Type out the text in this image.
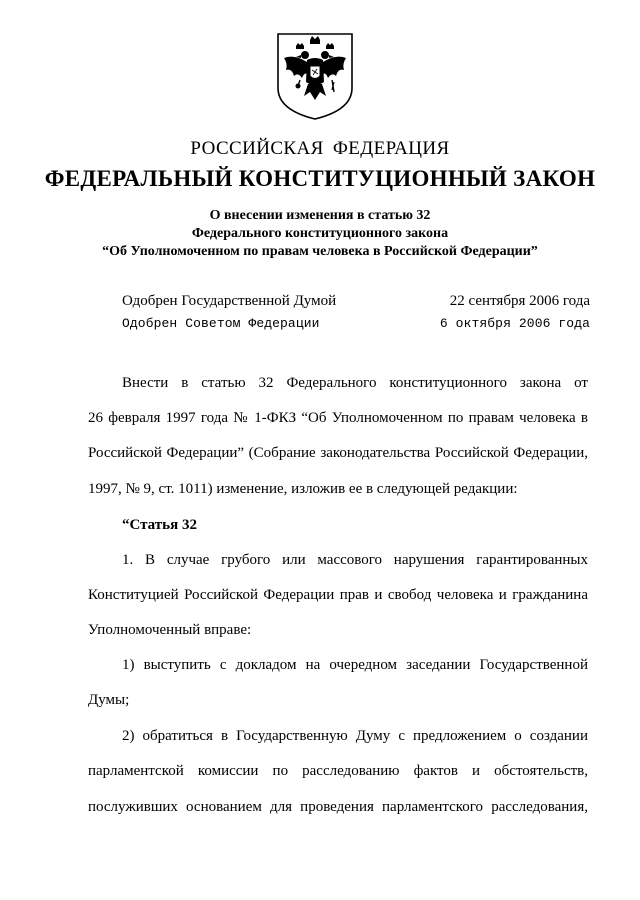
РОССИЙСКАЯ ФЕДЕРАЦИЯ
ФЕДЕРАЛЬНЫЙ КОНСТИТУЦИОННЫЙ ЗАКОН
О внесении изменения в статью 32
Федерального конституционного закона
“Об Уполномоченном по правам человека в Российской Федерации”
Одобрен Государственной Думой	22 сентября 2006 года
Одобрен Советом Федерации	6 октября 2006 года
Внести в статью 32 Федерального конституционного закона от
26 февраля 1997 года № 1-ФКЗ “Об Уполномоченном по правам человека в
Российской Федерации” (Собрание законодательства Российской Федерации,
1997, № 9, ст. 1011) изменение, изложив ее в следующей редакции:
“Статья 32
1. В случае грубого или массового нарушения гарантированных
Конституцией Российской Федерации прав и свобод человека и гражданина
Уполномоченный вправе:
1) выступить с докладом на очередном заседании Государственной
Думы;
2) обратиться в Государственную Думу с предложением о создании
парламентской комиссии по расследованию фактов и обстоятельств,
послуживших основанием для проведения парламентского расследования,
